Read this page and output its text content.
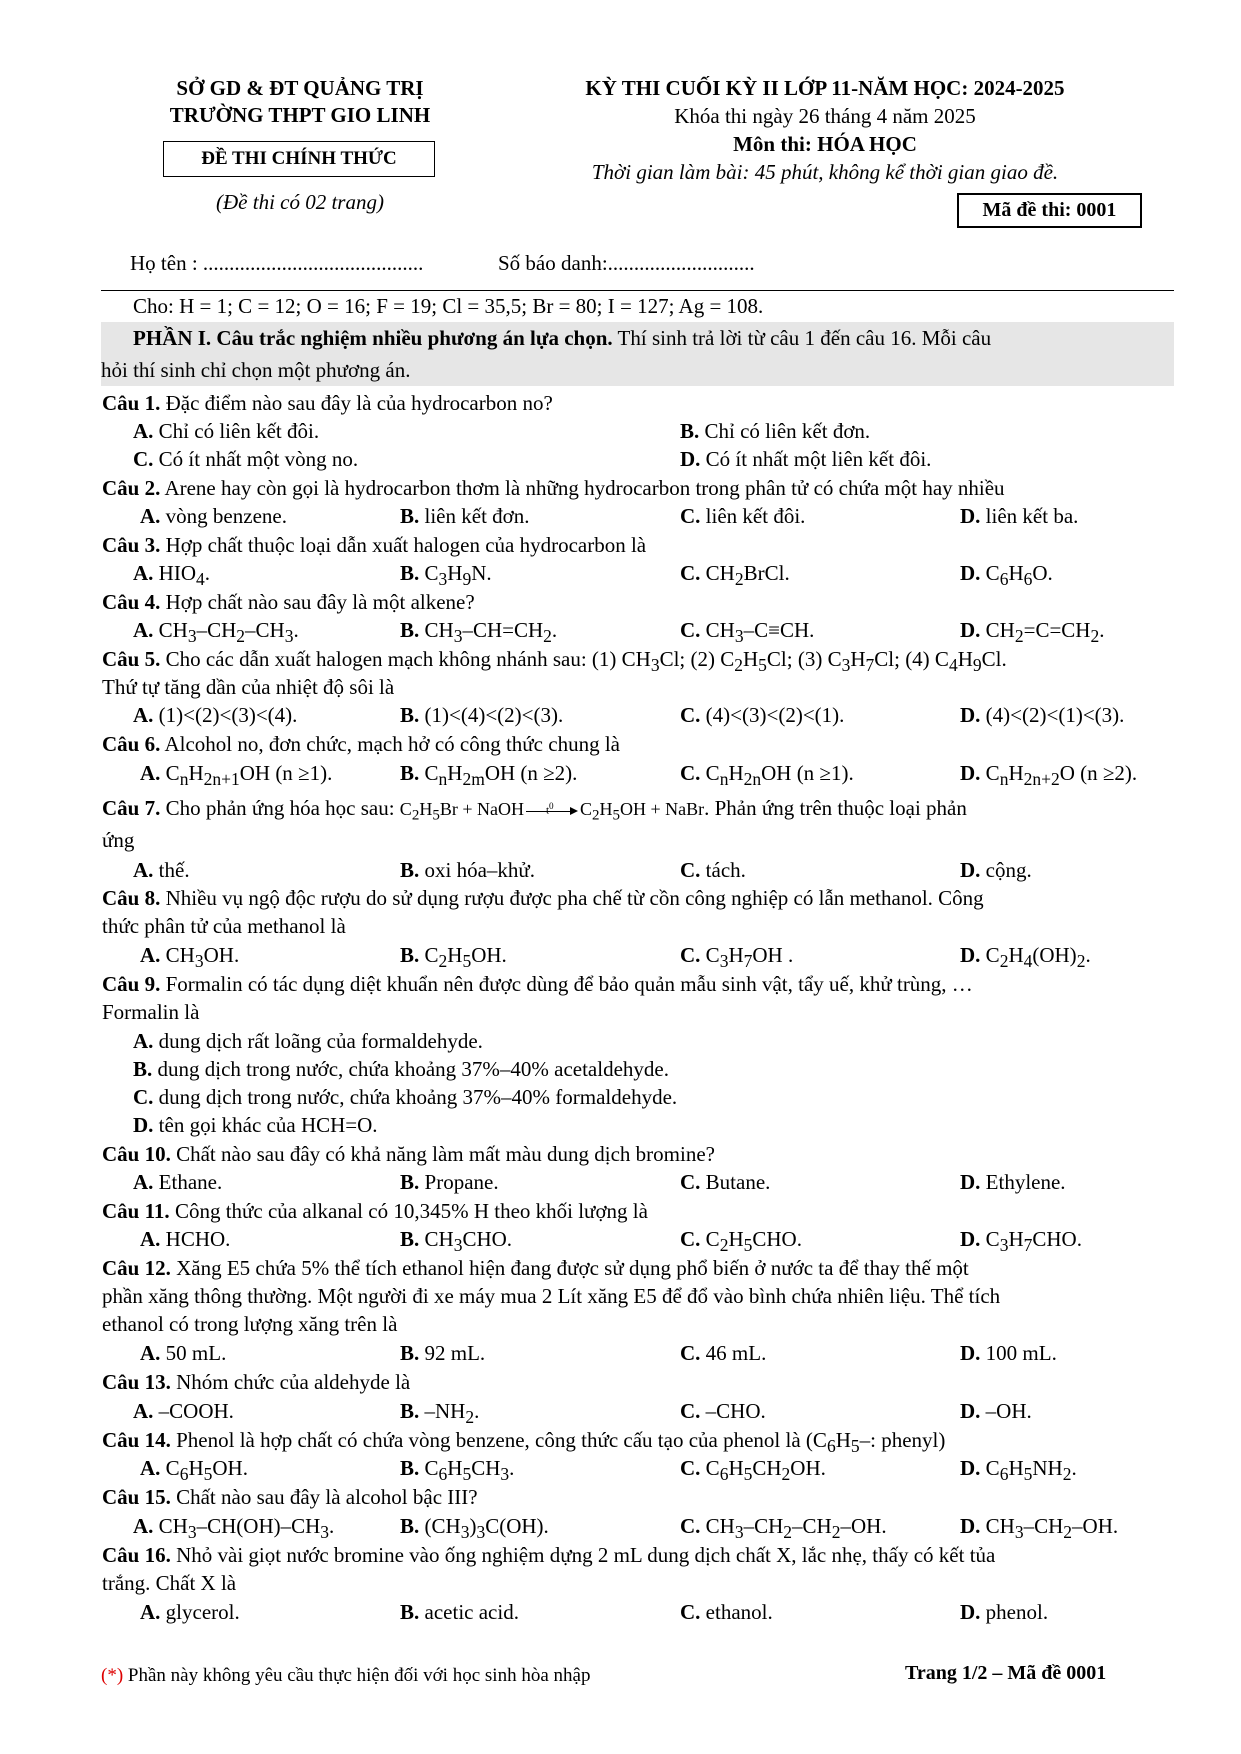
SỞ GD & ĐT QUẢNG TRỊ
TRƯỜNG THPT GIO LINH
ĐỀ THI CHÍNH THỨC
(Đề thi có 02 trang)
KỲ THI CUỐI KỲ II LỚP 11-NĂM HỌC: 2024-2025
Khóa thi ngày 26 tháng 4 năm 2025
Môn thi: HÓA HỌC
Thời gian làm bài: 45 phút, không kể thời gian giao đề.
Mã đề thi: 0001
Họ tên : ..........................................	Số báo danh:............................
Cho: H = 1; C = 12; O = 16; F = 19; Cl = 35,5; Br = 80; I = 127; Ag = 108.
PHẦN I. Câu trắc nghiệm nhiều phương án lựa chọn. Thí sinh trả lời từ câu 1 đến câu 16. Mỗi câu
hỏi thí sinh chỉ chọn một phương án.
Câu 1. Đặc điểm nào sau đây là của hydrocarbon no?
A. Chỉ có liên kết đôi.	B. Chỉ có liên kết đơn.
C. Có ít nhất một vòng no.	D. Có ít nhất một liên kết đôi.
Câu 2. Arene hay còn gọi là hydrocarbon thơm là những hydrocarbon trong phân tử có chứa một hay nhiều
A. vòng benzene.	B. liên kết đơn.	C. liên kết đôi.	D. liên kết ba.
Câu 3. Hợp chất thuộc loại dẫn xuất halogen của hydrocarbon là
A. $HIO_4$.	B. $C_3H_9N$.	C. $CH_2BrCl$.	D. $C_6H_6O$.
Câu 4. Hợp chất nào sau đây là một alkene?
A. $CH_3-CH_2-CH_3$.	B. $CH_3-CH=CH_2$.	C. $CH_3-C\equiv CH$.	D. $CH_2=C=CH_2$.
Câu 5. Cho các dẫn xuất halogen mạch không nhánh sau: (1) $CH_3Cl$; (2) $C_2H_5Cl$; (3) $C_3H_7Cl$; (4) $C_4H_9Cl$.
Thứ tự tăng dần của nhiệt độ sôi là
A. (1)<(2)<(3)<(4).	B. (1)<(4)<(2)<(3).	C. (4)<(3)<(2)<(1).	D. (4)<(2)<(1)<(3).
Câu 6. Alcohol no, đơn chức, mạch hở có công thức chung là
A. $C_nH_{2n+1}OH$ (n ≥1).	B. $C_nH_{2m}OH$ (n ≥2).	C. $C_nH_{2n}OH$ (n ≥1).	D. $C_nH_{2n+2}O$ (n ≥2).
Câu 7. Cho phản ứng hóa học sau: $C_2H_5Br$ + NaOH $t^0$ $C_2H_5OH$ + NaBr. Phản ứng trên thuộc loại phản
ứng
A. thế.	B. oxi hóa–khử.	C. tách.	D. cộng.
Câu 8. Nhiều vụ ngộ độc rượu do sử dụng rượu được pha chế từ cồn công nghiệp có lẫn methanol. Công
thức phân tử của methanol là
A. $CH_3OH$.	B. $C_2H_5OH$.	C. $C_3H_7OH$ .	D. $C_2H_4(OH)_2$.
Câu 9. Formalin có tác dụng diệt khuẩn nên được dùng để bảo quản mẫu sinh vật, tẩy uế, khử trùng, …
Formalin là
A. dung dịch rất loãng của formaldehyde.
B. dung dịch trong nước, chứa khoảng 37%–40% acetaldehyde.
C. dung dịch trong nước, chứa khoảng 37%–40% formaldehyde.
D. tên gọi khác của HCH=O.
Câu 10. Chất nào sau đây có khả năng làm mất màu dung dịch bromine?
A. Ethane.	B. Propane.	C. Butane.	D. Ethylene.
Câu 11. Công thức của alkanal có 10,345% H theo khối lượng là
A. HCHO.	B. $CH_3CHO$.	C. $C_2H_5CHO$.	D. $C_3H_7CHO$.
Câu 12. Xăng E5 chứa 5% thể tích ethanol hiện đang được sử dụng phổ biến ở nước ta để thay thế một
phần xăng thông thường. Một người đi xe máy mua 2 Lít xăng E5 để đổ vào bình chứa nhiên liệu. Thể tích
ethanol có trong lượng xăng trên là
A. 50 mL.	B. 92 mL.	C. 46 mL.	D. 100 mL.
Câu 13. Nhóm chức của aldehyde là
A. –COOH.	B. $-NH_2$.	C. –CHO.	D. –OH.
Câu 14. Phenol là hợp chất có chứa vòng benzene, công thức cấu tạo của phenol là ($C_6H_5-$: phenyl)
A. $C_6H_5OH$.	B. $C_6H_5CH_3$.	C. $C_6H_5CH_2OH$.	D. $C_6H_5NH_2$.
Câu 15. Chất nào sau đây là alcohol bậc III?
A. $CH_3-CH(OH)-CH_3$.	B. $(CH_3)_3C(OH)$.	C. $CH_3-CH_2-CH_2-OH$.	D. $CH_3-CH_2-OH$.
Câu 16. Nhỏ vài giọt nước bromine vào ống nghiệm dựng 2 mL dung dịch chất X, lắc nhẹ, thấy có kết tủa
trắng. Chất X là
A. glycerol.	B. acetic acid.	C. ethanol.	D. phenol.
(*) Phần này không yêu cầu thực hiện đối với học sinh hòa nhập	Trang 1/2 – Mã đề 0001
